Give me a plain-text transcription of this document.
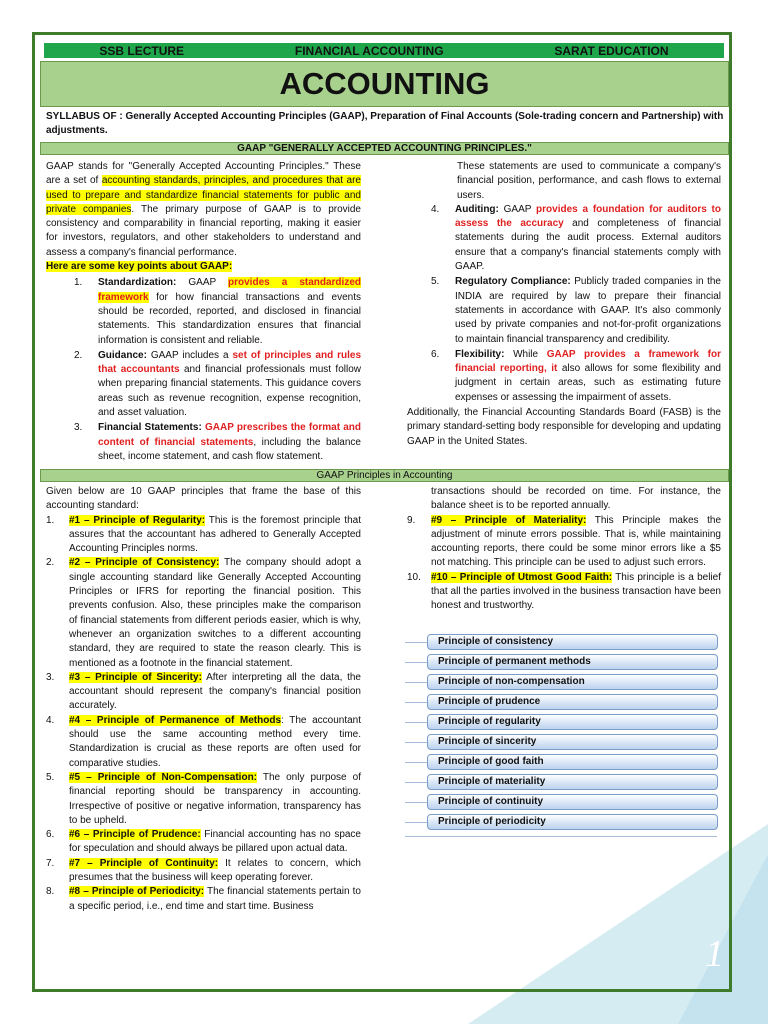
1
SSB LECTURE	FINANCIAL ACCOUNTING	SARAT EDUCATION
ACCOUNTING
SYLLABUS OF : Generally Accepted Accounting Principles (GAAP), Preparation of Final Accounts (Sole-trading concern and Partnership) with adjustments.
GAAP "GENERALLY ACCEPTED ACCOUNTING PRINCIPLES."

GAAP stands for "Generally Accepted Accounting Principles." These are a set of accounting standards, principles, and procedures that are used to prepare and standardize financial statements for public and private companies. The primary purpose of GAAP is to provide consistency and comparability in financial reporting, making it easier for investors, regulators, and other stakeholders to understand and assess a company's financial performance.

Here are some key points about GAAP:

1.	Standardization: GAAP provides a standardized framework for how financial transactions and events should be recorded, reported, and disclosed in financial statements. This standardization ensures that financial information is consistent and reliable.
2.	Guidance: GAAP includes a set of principles and rules that accountants and financial professionals must follow when preparing financial statements. This guidance covers areas such as revenue recognition, expense recognition, and asset valuation.
3.	Financial Statements: GAAP prescribes the format and content of financial statements, including the balance sheet, income statement, and cash flow statement.

These statements are used to communicate a company's financial position, performance, and cash flows to external users.

4.	Auditing: GAAP provides a foundation for auditors to assess the accuracy and completeness of financial statements during the audit process. External auditors ensure that a company's financial statements comply with GAAP.
5.	Regulatory Compliance: Publicly traded companies in the INDIA are required by law to prepare their financial statements in accordance with GAAP. It's also commonly used by private companies and not-for-profit organizations to maintain financial transparency and credibility.
6.	Flexibility: While GAAP provides a framework for financial reporting, it also allows for some flexibility and judgment in certain areas, such as estimating future expenses or assessing the impairment of assets.

Additionally, the Financial Accounting Standards Board (FASB) is the primary standard-setting body responsible for developing and updating GAAP in the United States.

GAAP Principles in Accounting

Given below are 10 GAAP principles that frame the base of this accounting standard:

1.	#1 – Principle of Regularity: This is the foremost principle that assures that the accountant has adhered to Generally Accepted Accounting Principles norms.
2.	#2 – Principle of Consistency: The company should adopt a single accounting standard like Generally Accepted Accounting Principles or IFRS for reporting the financial position. This prevents confusion. Also, these principles make the comparison of financial statements from different periods easier, which is why, whenever an organization switches to a different accounting standard, they are required to state the reason clearly. This is mentioned as a footnote in the financial statement.
3.	#3 – Principle of Sincerity: After interpreting all the data, the accountant should represent the company's financial position accurately.
4.	#4 – Principle of Permanence of Methods: The accountant should use the same accounting method every time. Standardization is crucial as these reports are often used for comparative studies.
5.	#5 – Principle of Non-Compensation: The only purpose of financial reporting should be transparency in accounting. Irrespective of positive or negative information, transparency has to be upheld.
6.	#6 – Principle of Prudence: Financial accounting has no space for speculation and should always be pillared upon actual data.
7.	#7 – Principle of Continuity: It relates to concern, which presumes that the business will keep operating forever.
8.	#8 – Principle of Periodicity: The financial statements pertain to a specific period, i.e., end time and start time. Business

transactions should be recorded on time. For instance, the balance sheet is to be reported annually.

9.	#9 – Principle of Materiality: This Principle makes the adjustment of minute errors possible. That is, while maintaining accounting reports, there could be some minor errors like a $5 not matching. This principle can be used to adjust such errors.
10.	#10 – Principle of Utmost Good Faith: This principle is a belief that all the parties involved in the business transaction have been honest and trustworthy.
Principle of consistency
Principle of permanent methods
Principle of non-compensation
Principle of prudence
Principle of regularity
Principle of sincerity
Principle of good faith
Principle of materiality
Principle of continuity
Principle of periodicity
